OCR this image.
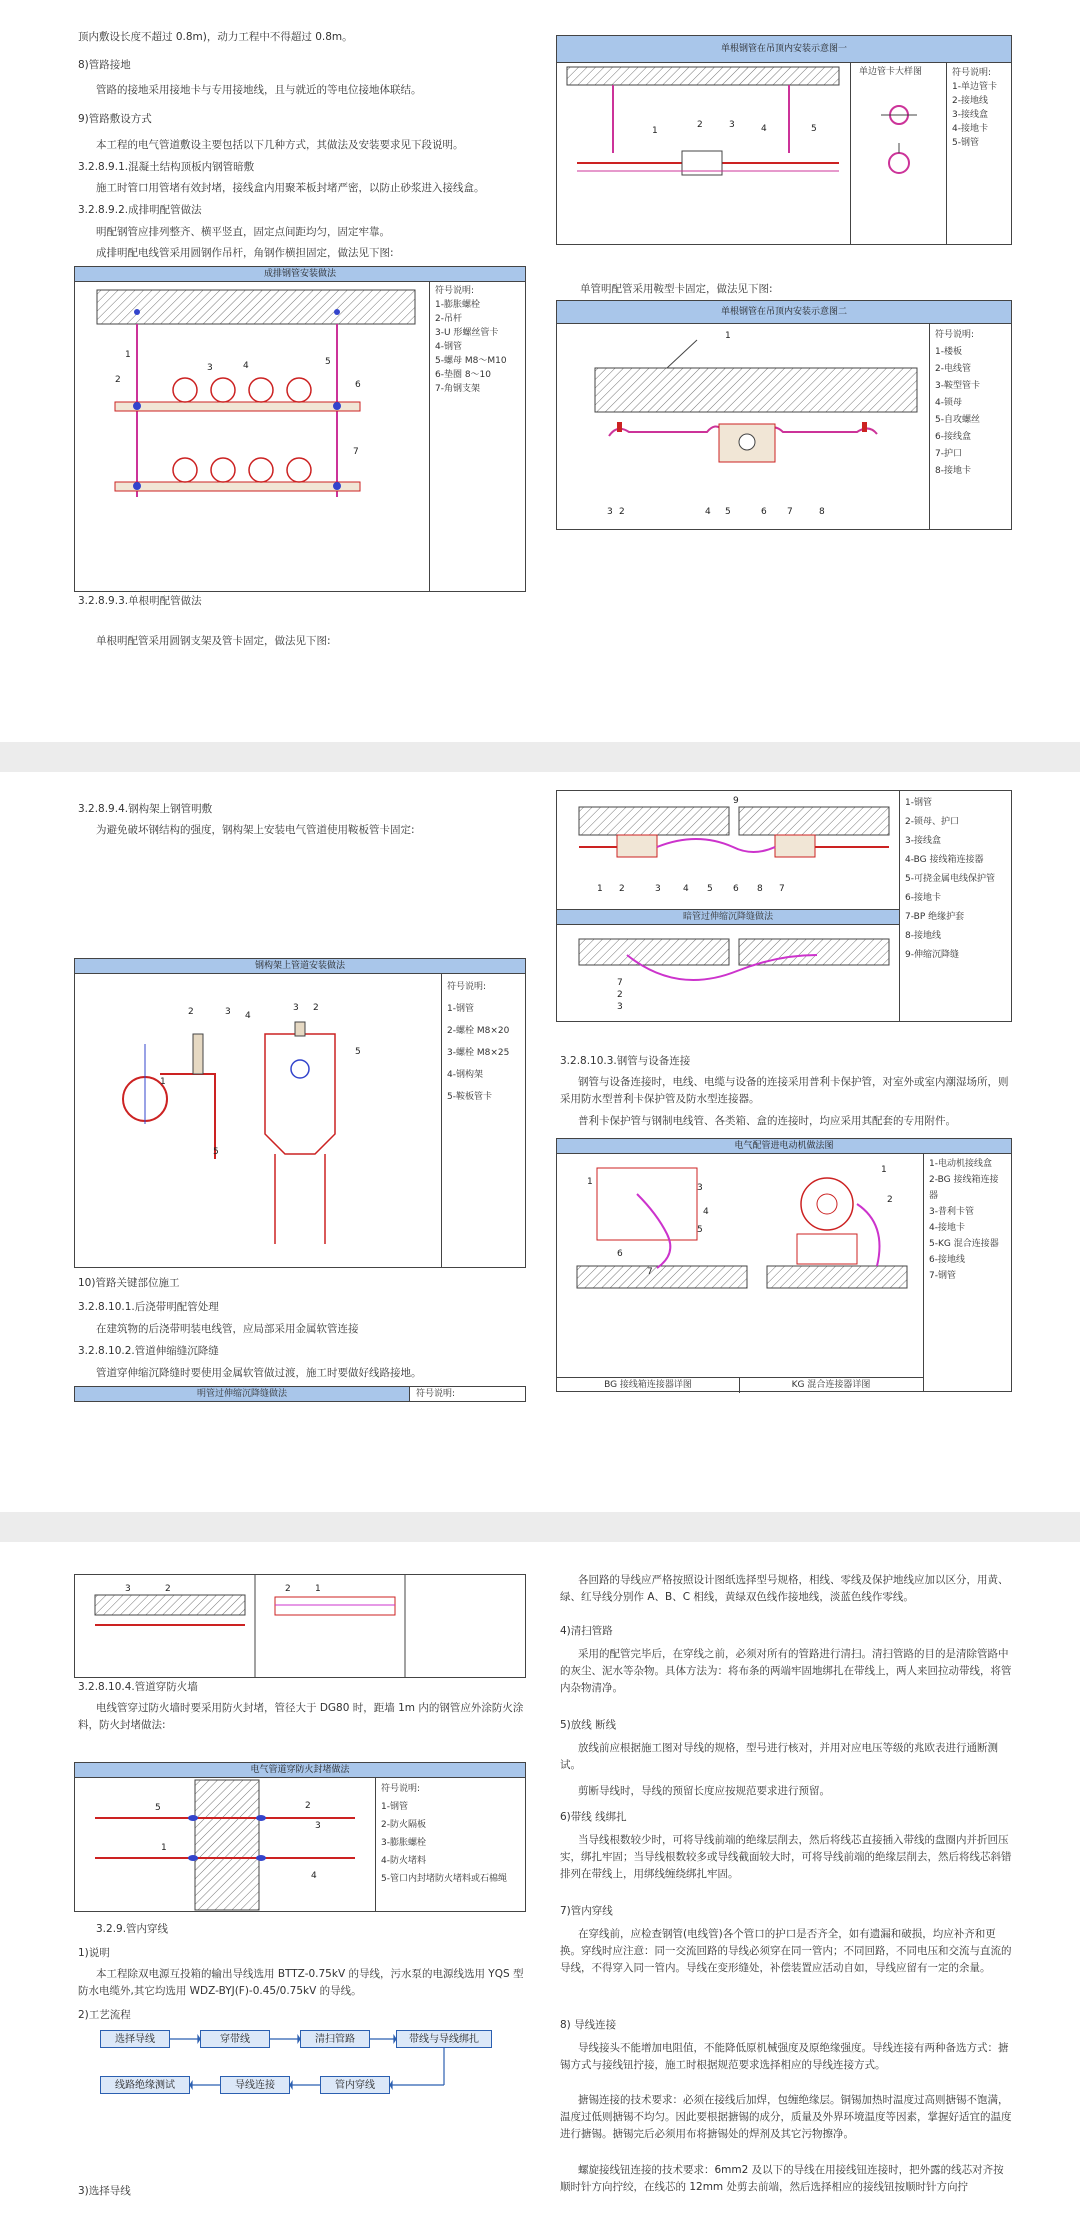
顶内敷设长度不超过 0.8m)，动力工程中不得超过 0.8m。
8)管路接地
管路的接地采用接地卡与专用接地线，且与就近的等电位接地体联结。
9)管路敷设方式
本工程的电气管道敷设主要包括以下几种方式，其做法及安装要求见下段说明。
3.2.8.9.1.混凝土结构顶板内钢管暗敷
施工时管口用管堵有效封堵，接线盒内用聚苯板封堵严密，以防止砂浆进入接线盒。
3.2.8.9.2.成排明配管做法
明配钢管应排列整齐、横平竖直，固定点间距均匀，固定牢靠。
成排明配电线管采用圆钢作吊杆，角钢作横担固定，做法见下图:
成排钢管安装做法
1
2
3	4	5
6
7
符号说明:
1-膨胀螺栓
2-吊杆
3-U 形螺丝管卡
4-钢管
5-螺母 M8～M10
6-垫圈 8～10
7-角钢支架
3.2.8.9.3.单根明配管做法
单根明配管采用圆钢支架及管卡固定，做法见下图:
单根钢管在吊顶内安装示意图一
1
2	3	4	5
单边管卡大样图	符号说明:
1-单边管卡
2-接地线
3-接线盒
4-接地卡
5-钢管
单管明配管采用鞍型卡固定，做法见下图:
单根钢管在吊顶内安装示意图二
1
3 2	4 5	6 7	8
符号说明:
1-楼板
2-电线管
3-鞍型管卡
4-锁母
5-自攻螺丝
6-接线盒
7-护口
8-接地卡
3.2.8.9.4.钢构架上钢管明敷
为避免破坏钢结构的强度，钢构架上安装电气管道使用鞍板管卡固定:
钢构架上管道安装做法
2	3 4
1
5
3 2
5
符号说明:
1-钢管
2-螺栓 M8×20
3-螺栓 M8×25
4-钢构架
5-鞍板管卡
10)管路关键部位施工
3.2.8.10.1.后浇带明配管处理
在建筑物的后浇带明装电线管，应局部采用金属软管连接
3.2.8.10.2.管道伸缩缝沉降缝
管道穿伸缩沉降缝时要使用金属软管做过渡，施工时要做好线路接地。
明管过伸缩沉降缝做法	符号说明:
9
1 2	3 4 5 6 8 7
暗管过伸缩沉降缝做法
7
2
3
1-钢管
2-锁母、护口
3-接线盒
4-BG 接线箱连接器
5-可挠金属电线保护管
6-接地卡
7-BP 绝缘护套
8-接地线
9-伸缩沉降缝
3.2.8.10.3.钢管与设备连接
钢管与设备连接时，电线、电缆与设备的连接采用普利卡保护管，对室外或室内潮湿场所，则采用防水型普利卡保护管及防水型连接器。
普利卡保护管与钢制电线管、各类箱、盒的连接时，均应采用其配套的专用附件。
电气配管进电动机做法图
1
3
4
5
6
7
1
2
BG 接线箱连接器详图	KG 混合连接器详图
1-电动机接线盒
2-BG 接线箱连接器
3-普利卡管
4-接地卡
5-KG 混合连接器
6-接地线
7-钢管
3	2	2	1
3.2.8.10.4.管道穿防火墙
电线管穿过防火墙时要采用防火封堵，管径大于 DG80 时，距墙 1m 内的钢管应外涂防火涂料，防火封堵做法:
电气管道穿防火封堵做法
5
1
2
3
4
符号说明:
1-钢管
2-防火隔板
3-膨胀螺栓
4-防火堵料
5-管口内封堵防火堵料或石棉绳
3.2.9.管内穿线
1)说明
本工程除双电源互投箱的输出导线选用 BTTZ-0.75kV 的导线，污水泵的电源线选用 YQS 型防水电缆外,其它均选用 WDZ-BYJ(F)-0.45/0.75kV 的导线。
2)工艺流程
选择导线	穿带线	清扫管路	带线与导线绑扎
线路绝缘测试	导线连接	管内穿线
3)选择导线
各回路的导线应严格按照设计图纸选择型号规格，相线、零线及保护地线应加以区分，用黄、绿、红导线分别作 A、B、C 相线，黄绿双色线作接地线，淡蓝色线作零线。
4)清扫管路
采用的配管完毕后，在穿线之前，必须对所有的管路进行清扫。清扫管路的目的是清除管路中的灰尘、泥水等杂物。具体方法为：将布条的两端牢固地绑扎在带线上，两人来回拉动带线，将管内杂物清净。
5)放线 断线
放线前应根据施工图对导线的规格，型号进行核对，并用对应电压等级的兆欧表进行通断测试。
剪断导线时，导线的预留长度应按规范要求进行预留。
6)带线 线绑扎
当导线根数较少时，可将导线前端的绝缘层削去，然后将线芯直接插入带线的盘圈内并折回压实，绑扎牢固；当导线根数较多或导线截面较大时，可将导线前端的绝缘层削去，然后将线芯斜错排列在带线上，用绑线缠绕绑扎牢固。
7)管内穿线
在穿线前，应检查钢管(电线管)各个管口的护口是否齐全，如有遗漏和破损，均应补齐和更换。穿线时应注意：同一交流回路的导线必须穿在同一管内；不同回路，不同电压和交流与直流的导线，不得穿入同一管内。导线在变形缝处，补偿装置应活动自如，导线应留有一定的余量。
8) 导线连接
导线接头不能增加电阻值，不能降低原机械强度及原绝缘强度。导线连接有两种备选方式：搪锡方式与接线钮拧接，施工时根据规范要求选择相应的导线连接方式。
搪锡连接的技术要求：必须在接线后加焊，包缠绝缘层。铜锡加热时温度过高则搪锡不饱满，温度过低则搪锡不均匀。因此要根据搪锡的成分，质量及外界环境温度等因素，掌握好适宜的温度进行搪锡。搪锡完后必须用布将搪锡处的焊剂及其它污物擦净。
螺旋接线钮连接的技术要求：6mm2 及以下的导线在用接线钮连接时，把外露的线芯对齐按顺时针方向拧绞，在线芯的 12mm 处剪去前端，然后选择相应的接线钮按顺时针方向拧
